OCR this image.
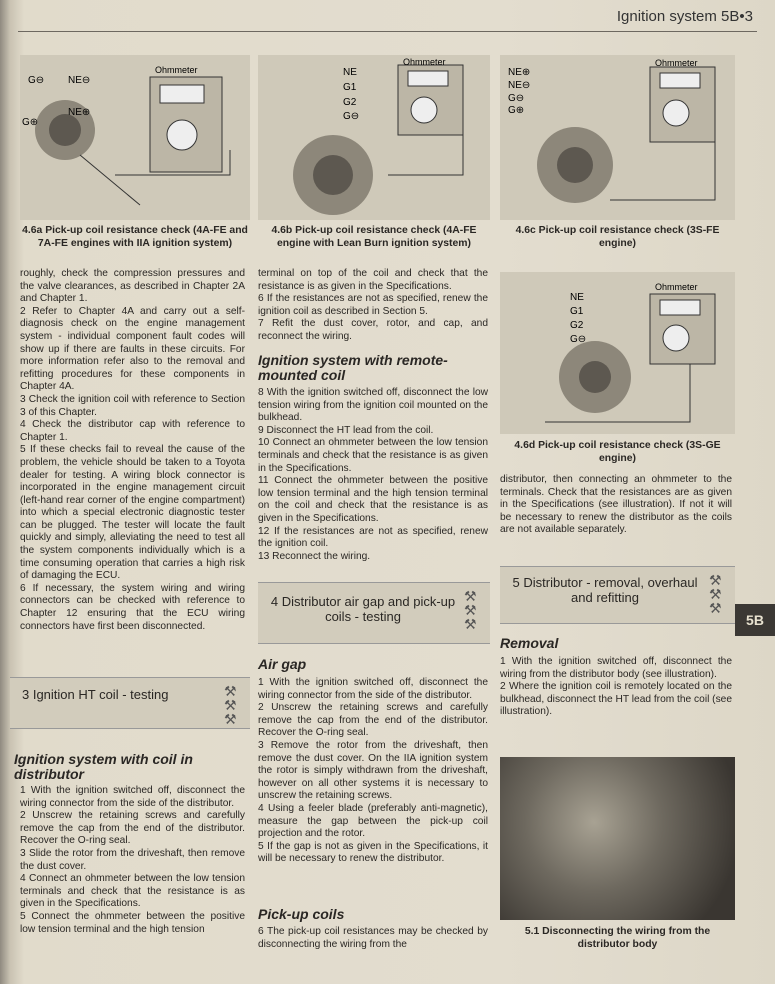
Ignition system 5B•3
G⊖ NE⊖
NE⊕
G⊕
Ohmmeter
4.6a Pick-up coil resistance check (4A-FE and 7A-FE engines with IIA ignition system)
NE
G1
G2
G⊖
Ohmmeter
4.6b Pick-up coil resistance check (4A-FE engine with Lean Burn ignition system)
NE⊕
NE⊖
G⊖
G⊕
Ohmmeter
4.6c Pick-up coil resistance check (3S-FE engine)
NE
G1
G2
G⊖
Ohmmeter
4.6d Pick-up coil resistance check (3S-GE engine)

roughly, check the compression pressures and the valve clearances, as described in Chapter 2A and Chapter 1.

2 Refer to Chapter 4A and carry out a self-diagnosis check on the engine management system - individual component fault codes will show up if there are faults in these circuits. For more information refer also to the removal and refitting procedures for these components in Chapter 4A.

3 Check the ignition coil with reference to Section 3 of this Chapter.

4 Check the distributor cap with reference to Chapter 1.

5 If these checks fail to reveal the cause of the problem, the vehicle should be taken to a Toyota dealer for testing. A wiring block connector is incorporated in the engine management circuit (left-hand rear corner of the engine compartment) into which a special electronic diagnostic tester can be plugged. The tester will locate the fault quickly and simply, alleviating the need to test all the system components individually which is a time consuming operation that carries a high risk of damaging the ECU.

6 If necessary, the system wiring and wiring connectors can be checked with reference to Chapter 12 ensuring that the ECU wiring connectors have first been disconnected.

3 Ignition HT coil - testing	⚒
⚒
⚒
Ignition system with coil in distributor

1 With the ignition switched off, disconnect the wiring connector from the side of the distributor.

2 Unscrew the retaining screws and carefully remove the cap from the end of the distributor. Recover the O-ring seal.

3 Slide the rotor from the driveshaft, then remove the dust cover.

4 Connect an ohmmeter between the low tension terminals and check that the resistance is as given in the Specifications.

5 Connect the ohmmeter between the positive low tension terminal and the high tension

terminal on top of the coil and check that the resistance is as given in the Specifications.

6 If the resistances are not as specified, renew the ignition coil as described in Section 5.

7 Refit the dust cover, rotor, and cap, and reconnect the wiring.

Ignition system with remote-mounted coil

8 With the ignition switched off, disconnect the low tension wiring from the ignition coil mounted on the bulkhead.

9 Disconnect the HT lead from the coil.

10 Connect an ohmmeter between the low tension terminals and check that the resistance is as given in the Specifications.

11 Connect the ohmmeter between the positive low tension terminal and the high tension terminal on the coil and check that the resistance is as given in the Specifications.

12 If the resistances are not as specified, renew the ignition coil.

13 Reconnect the wiring.

4 Distributor air gap and pick-up coils - testing
⚒
⚒
⚒
Air gap

1 With the ignition switched off, disconnect the wiring connector from the side of the distributor.

2 Unscrew the retaining screws and carefully remove the cap from the end of the distributor. Recover the O-ring seal.

3 Remove the rotor from the driveshaft, then remove the dust cover. On the IIA ignition system the rotor is simply withdrawn from the driveshaft, however on all other systems it is necessary to unscrew the retaining screws.

4 Using a feeler blade (preferably anti-magnetic), measure the gap between the pick-up coil projection and the rotor.

5 If the gap is not as given in the Specifications, it will be necessary to renew the distributor.

Pick-up coils

6 The pick-up coil resistances may be checked by disconnecting the wiring from the

distributor, then connecting an ohmmeter to the terminals. Check that the resistances are as given in the Specifications (see illustration). If not it will be necessary to renew the distributor as the coils are not available separately.

5 Distributor - removal, overhaul and refitting
⚒
⚒
⚒
Removal

1 With the ignition switched off, disconnect the wiring from the distributor body (see illustration).

2 Where the ignition coil is remotely located on the bulkhead, disconnect the HT lead from the coil (see illustration).

5.1 Disconnecting the wiring from the distributor body
5B
